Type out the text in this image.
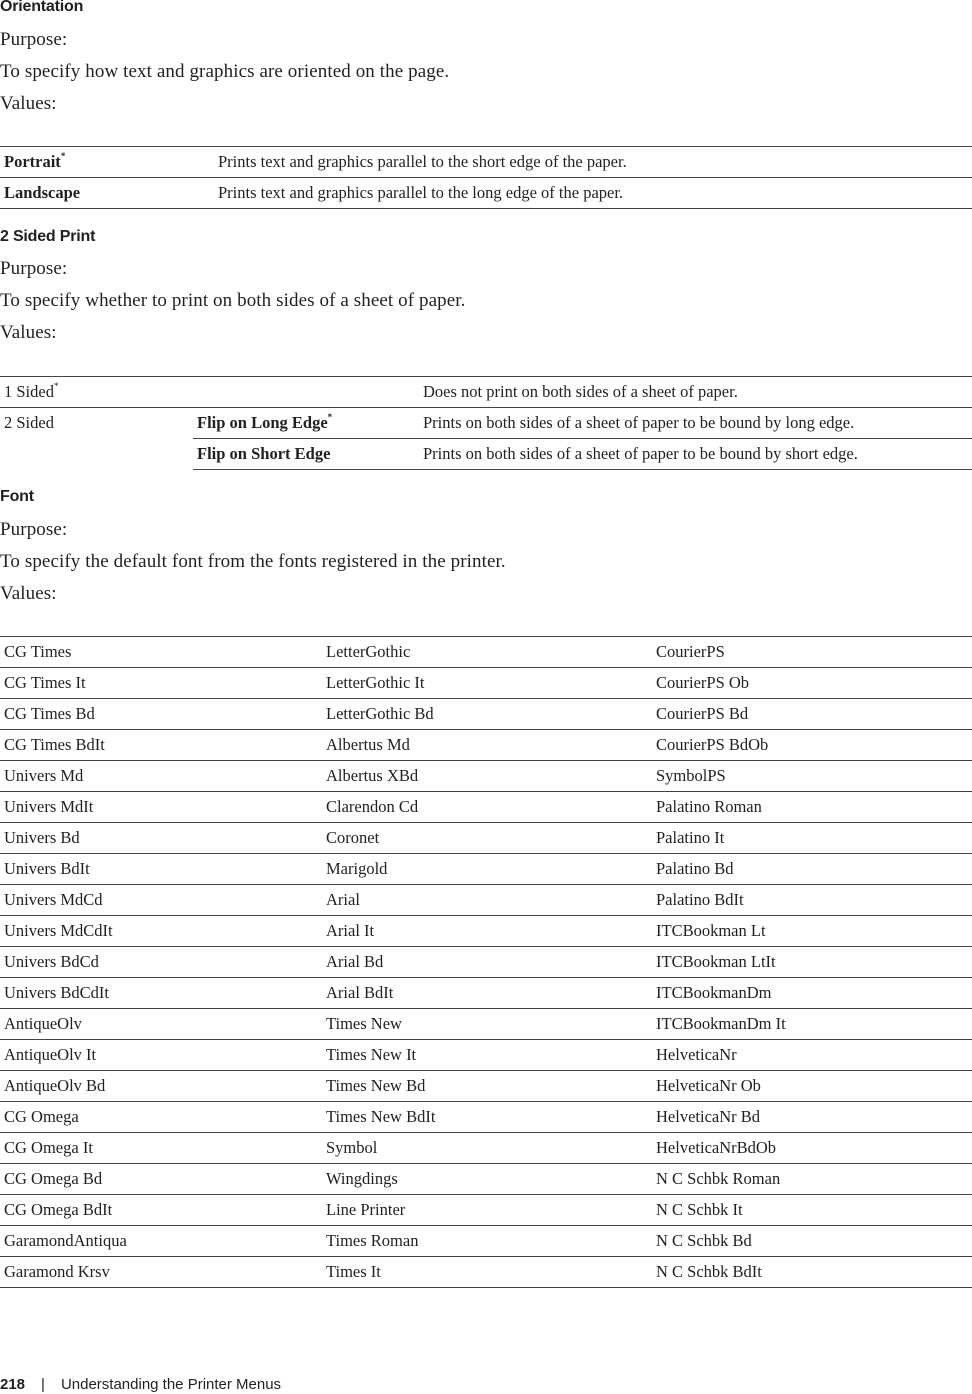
Orientation

Purpose:

To specify how text and graphics are oriented on the page.

Values:

Portrait*	Prints text and graphics parallel to the short edge of the paper.
Landscape	Prints text and graphics parallel to the long edge of the paper.
2 Sided Print

Purpose:

To specify whether to print on both sides of a sheet of paper.

Values:

1 Sided*		Does not print on both sides of a sheet of paper.
2 Sided	Flip on Long Edge*	Prints on both sides of a sheet of paper to be bound by long edge.
	Flip on Short Edge	Prints on both sides of a sheet of paper to be bound by short edge.
Font

Purpose:

To specify the default font from the fonts registered in the printer.

Values:

CG Times	LetterGothic	CourierPS
CG Times It	LetterGothic It	CourierPS Ob
CG Times Bd	LetterGothic Bd	CourierPS Bd
CG Times BdIt	Albertus Md	CourierPS BdOb
Univers Md	Albertus XBd	SymbolPS
Univers MdIt	Clarendon Cd	Palatino Roman
Univers Bd	Coronet	Palatino It
Univers BdIt	Marigold	Palatino Bd
Univers MdCd	Arial	Palatino BdIt
Univers MdCdIt	Arial It	ITCBookman Lt
Univers BdCd	Arial Bd	ITCBookman LtIt
Univers BdCdIt	Arial BdIt	ITCBookmanDm
AntiqueOlv	Times New	ITCBookmanDm It
AntiqueOlv It	Times New It	HelveticaNr
AntiqueOlv Bd	Times New Bd	HelveticaNr Ob
CG Omega	Times New BdIt	HelveticaNr Bd
CG Omega It	Symbol	HelveticaNrBdOb
CG Omega Bd	Wingdings	N C Schbk Roman
CG Omega BdIt	Line Printer	N C Schbk It
GaramondAntiqua	Times Roman	N C Schbk Bd
Garamond Krsv	Times It	N C Schbk BdIt
218 | Understanding the Printer Menus
